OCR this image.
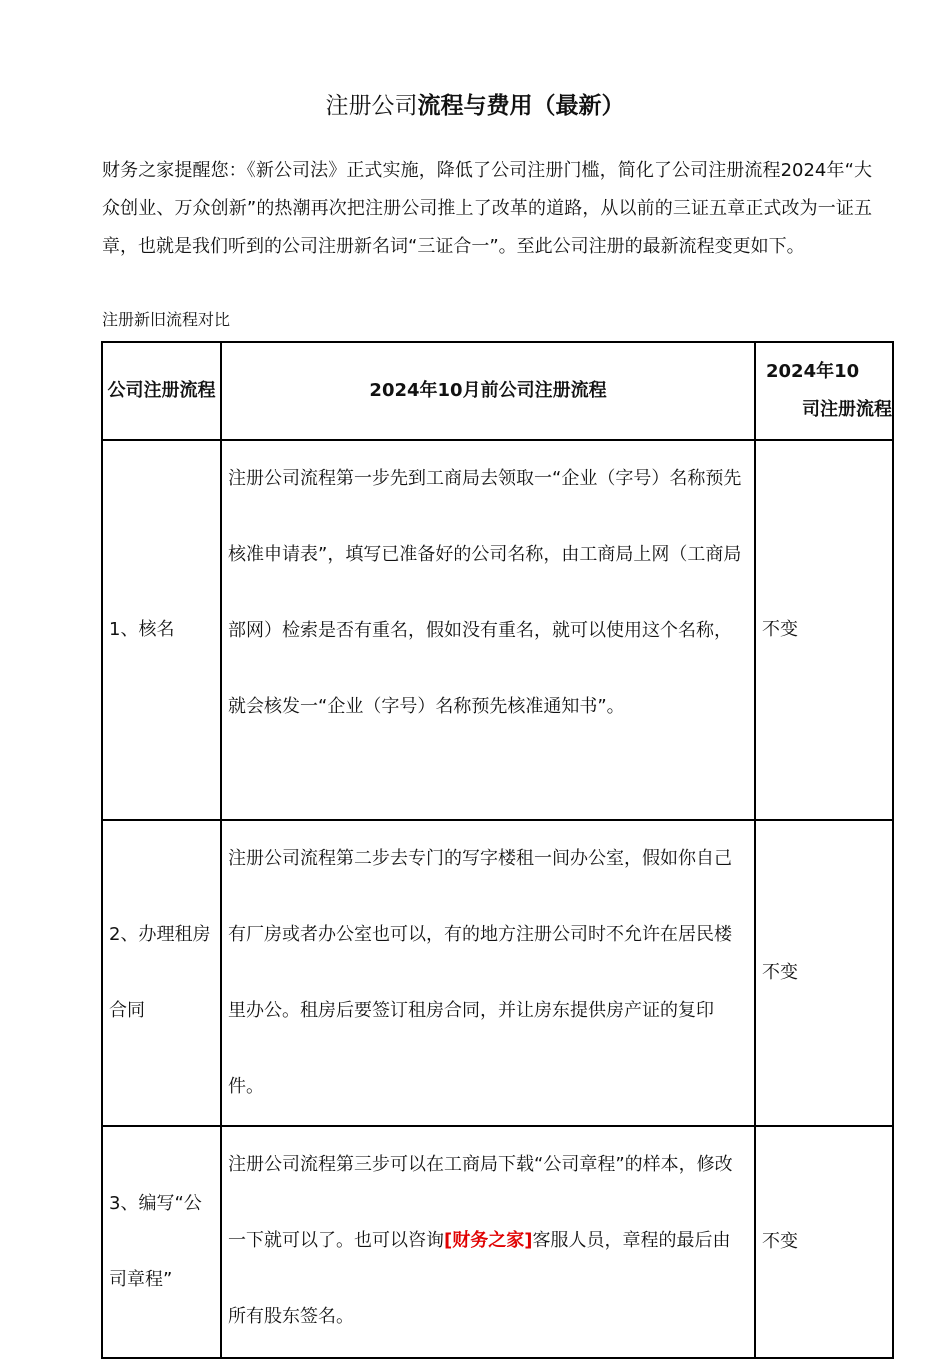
注册公司流程与费用（最新）
财务之家提醒您：《新公司法》正式实施，降低了公司注册门槛，简化了公司注册流程2024年“大众创业、万众创新”的热潮再次把注册公司推上了改革的道路，从以前的三证五章正式改为一证五章，也就是我们听到的公司注册新名词“三证合一”。至此公司注册的最新流程变更如下。
注册新旧流程对比
公司注册流程	2024年10月前公司注册流程	2024年10
司注册流程

1、核名	注册公司流程第一步先到工商局去领取一“企业（字号）名称预先核准申请表”，填写已准备好的公司名称，由工商局上网（工商局部网）检索是否有重名，假如没有重名，就可以使用这个名称，就会核发一“企业（字号）名称预先核准通知书”。	不变
2、办理租房合同	注册公司流程第二步去专门的写字楼租一间办公室，假如你自己有厂房或者办公室也可以，有的地方注册公司时不允许在居民楼里办公。租房后要签订租房合同，并让房东提供房产证的复印件。	不变
3、编写“公司章程”	注册公司流程第三步可以在工商局下载“公司章程”的样本，修改一下就可以了。也可以咨询[财务之家]客服人员，章程的最后由所有股东签名。	不变
